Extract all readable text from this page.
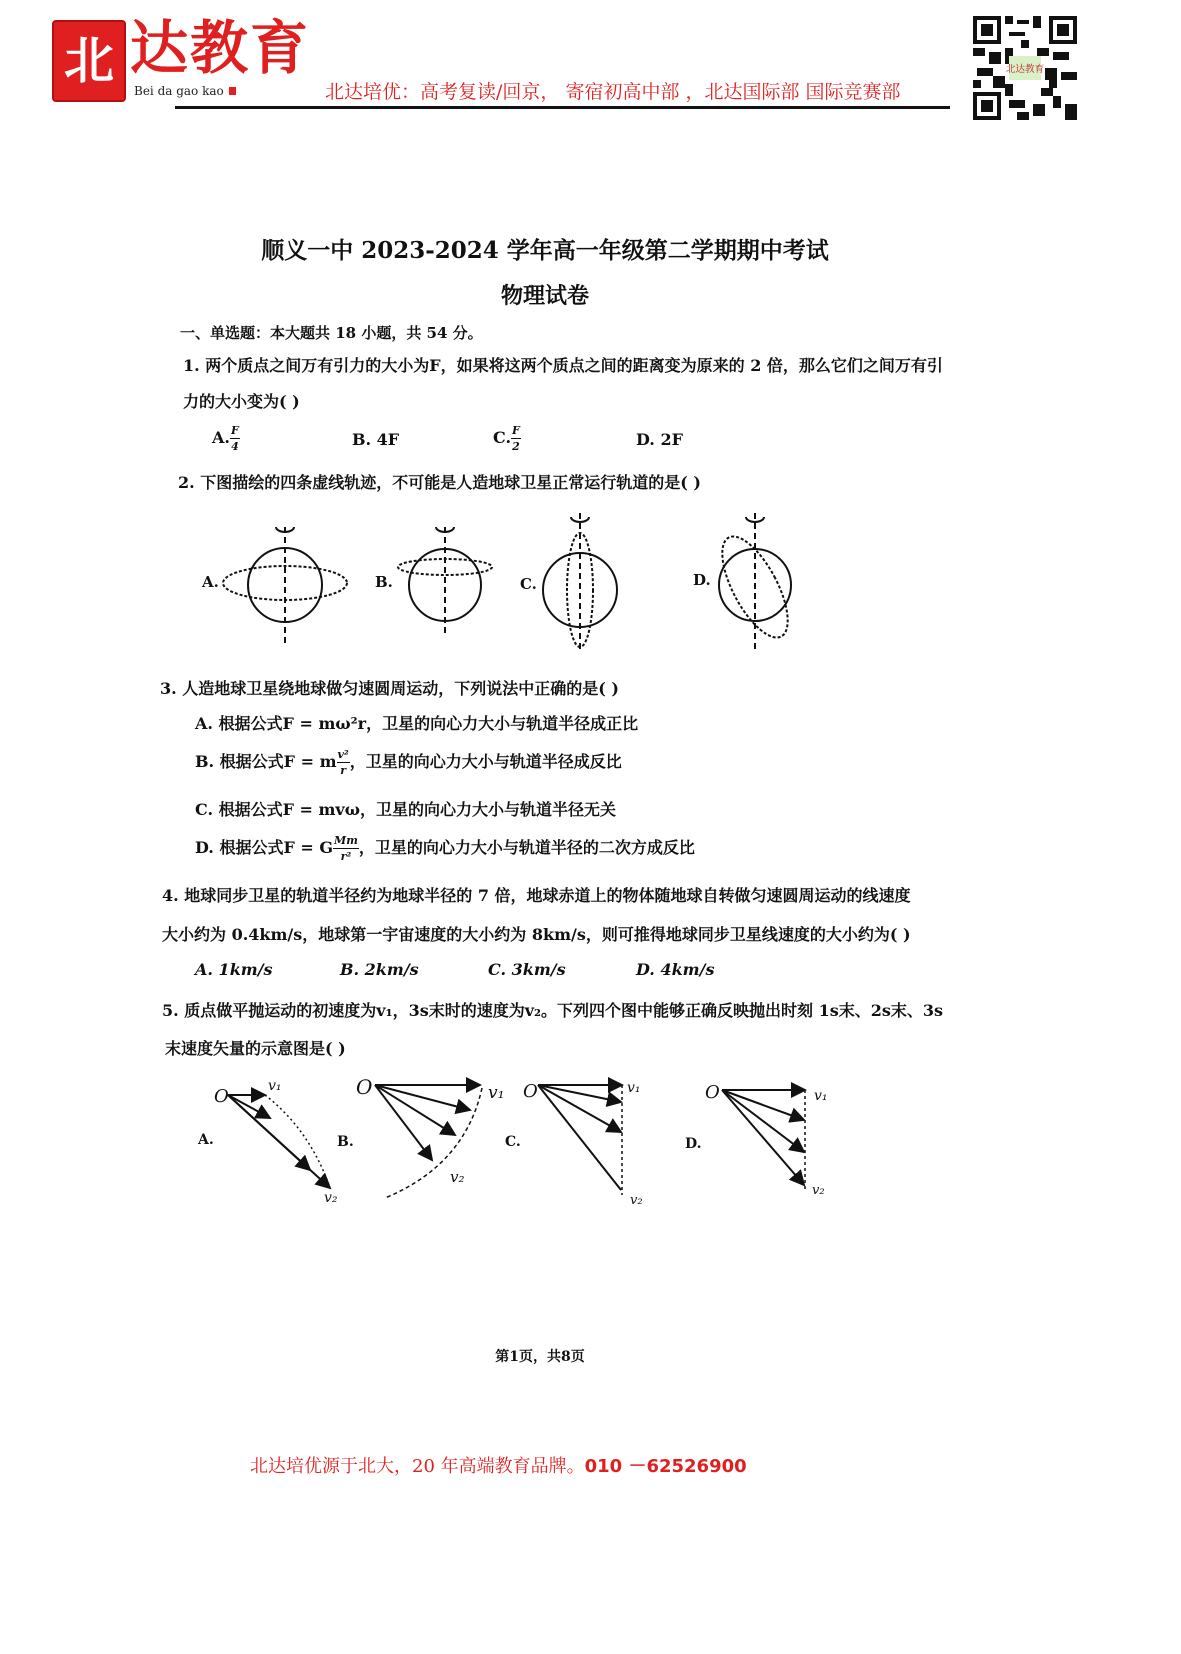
北 达教育
Bei da gao kao	北达培优：高考复读/回京， 寄宿初高中部 ，北达国际部 国际竞赛部
北达教育
顺义一中 2023-2024 学年高一年级第二学期期中考试
物理试卷
一、单选题：本大题共 18 小题，共 54 分。
1. 两个质点之间万有引力的大小为F，如果将这两个质点之间的距离变为原来的 2 倍，那么它们之间万有引
力的大小变为( )
A. $\frac{F}{4}$	B. 4F	C. $\frac{F}{2}$	D. 2F
2. 下图描绘的四条虚线轨迹，不可能是人造地球卫星正常运行轨道的是( )
A.	B.	C.	D.
3. 人造地球卫星绕地球做匀速圆周运动，下列说法中正确的是( )
A. 根据公式F = mω²r，卫星的向心力大小与轨道半径成正比
B. 根据公式F = m $\frac{\text{v²}}{r}$ ，卫星的向心力大小与轨道半径成反比
C. 根据公式F = mvω，卫星的向心力大小与轨道半径无关
D. 根据公式F = G $\frac{Mm}{\text{r²}}$ ，卫星的向心力大小与轨道半径的二次方成反比
4. 地球同步卫星的轨道半径约为地球半径的 7 倍，地球赤道上的物体随地球自转做匀速圆周运动的线速度
大小约为 0.4km/s，地球第一宇宙速度的大小约为 8km/s，则可推得地球同步卫星线速度的大小约为( )
A. 1km/s	B. 2km/s	C. 3km/s	D. 4km/s
5. 质点做平抛运动的初速度为v₁，3s末时的速度为v₂。下列四个图中能够正确反映抛出时刻 1s末、2s末、3s
末速度矢量的示意图是( )
O	v₁
v₂
A.
O	v₁
v₂
B.
O	v₁
v₂
C.
O	v₁
v₂
D.
第1页，共8页
北达培优源于北大，20 年高端教育品牌。010 －62526900
